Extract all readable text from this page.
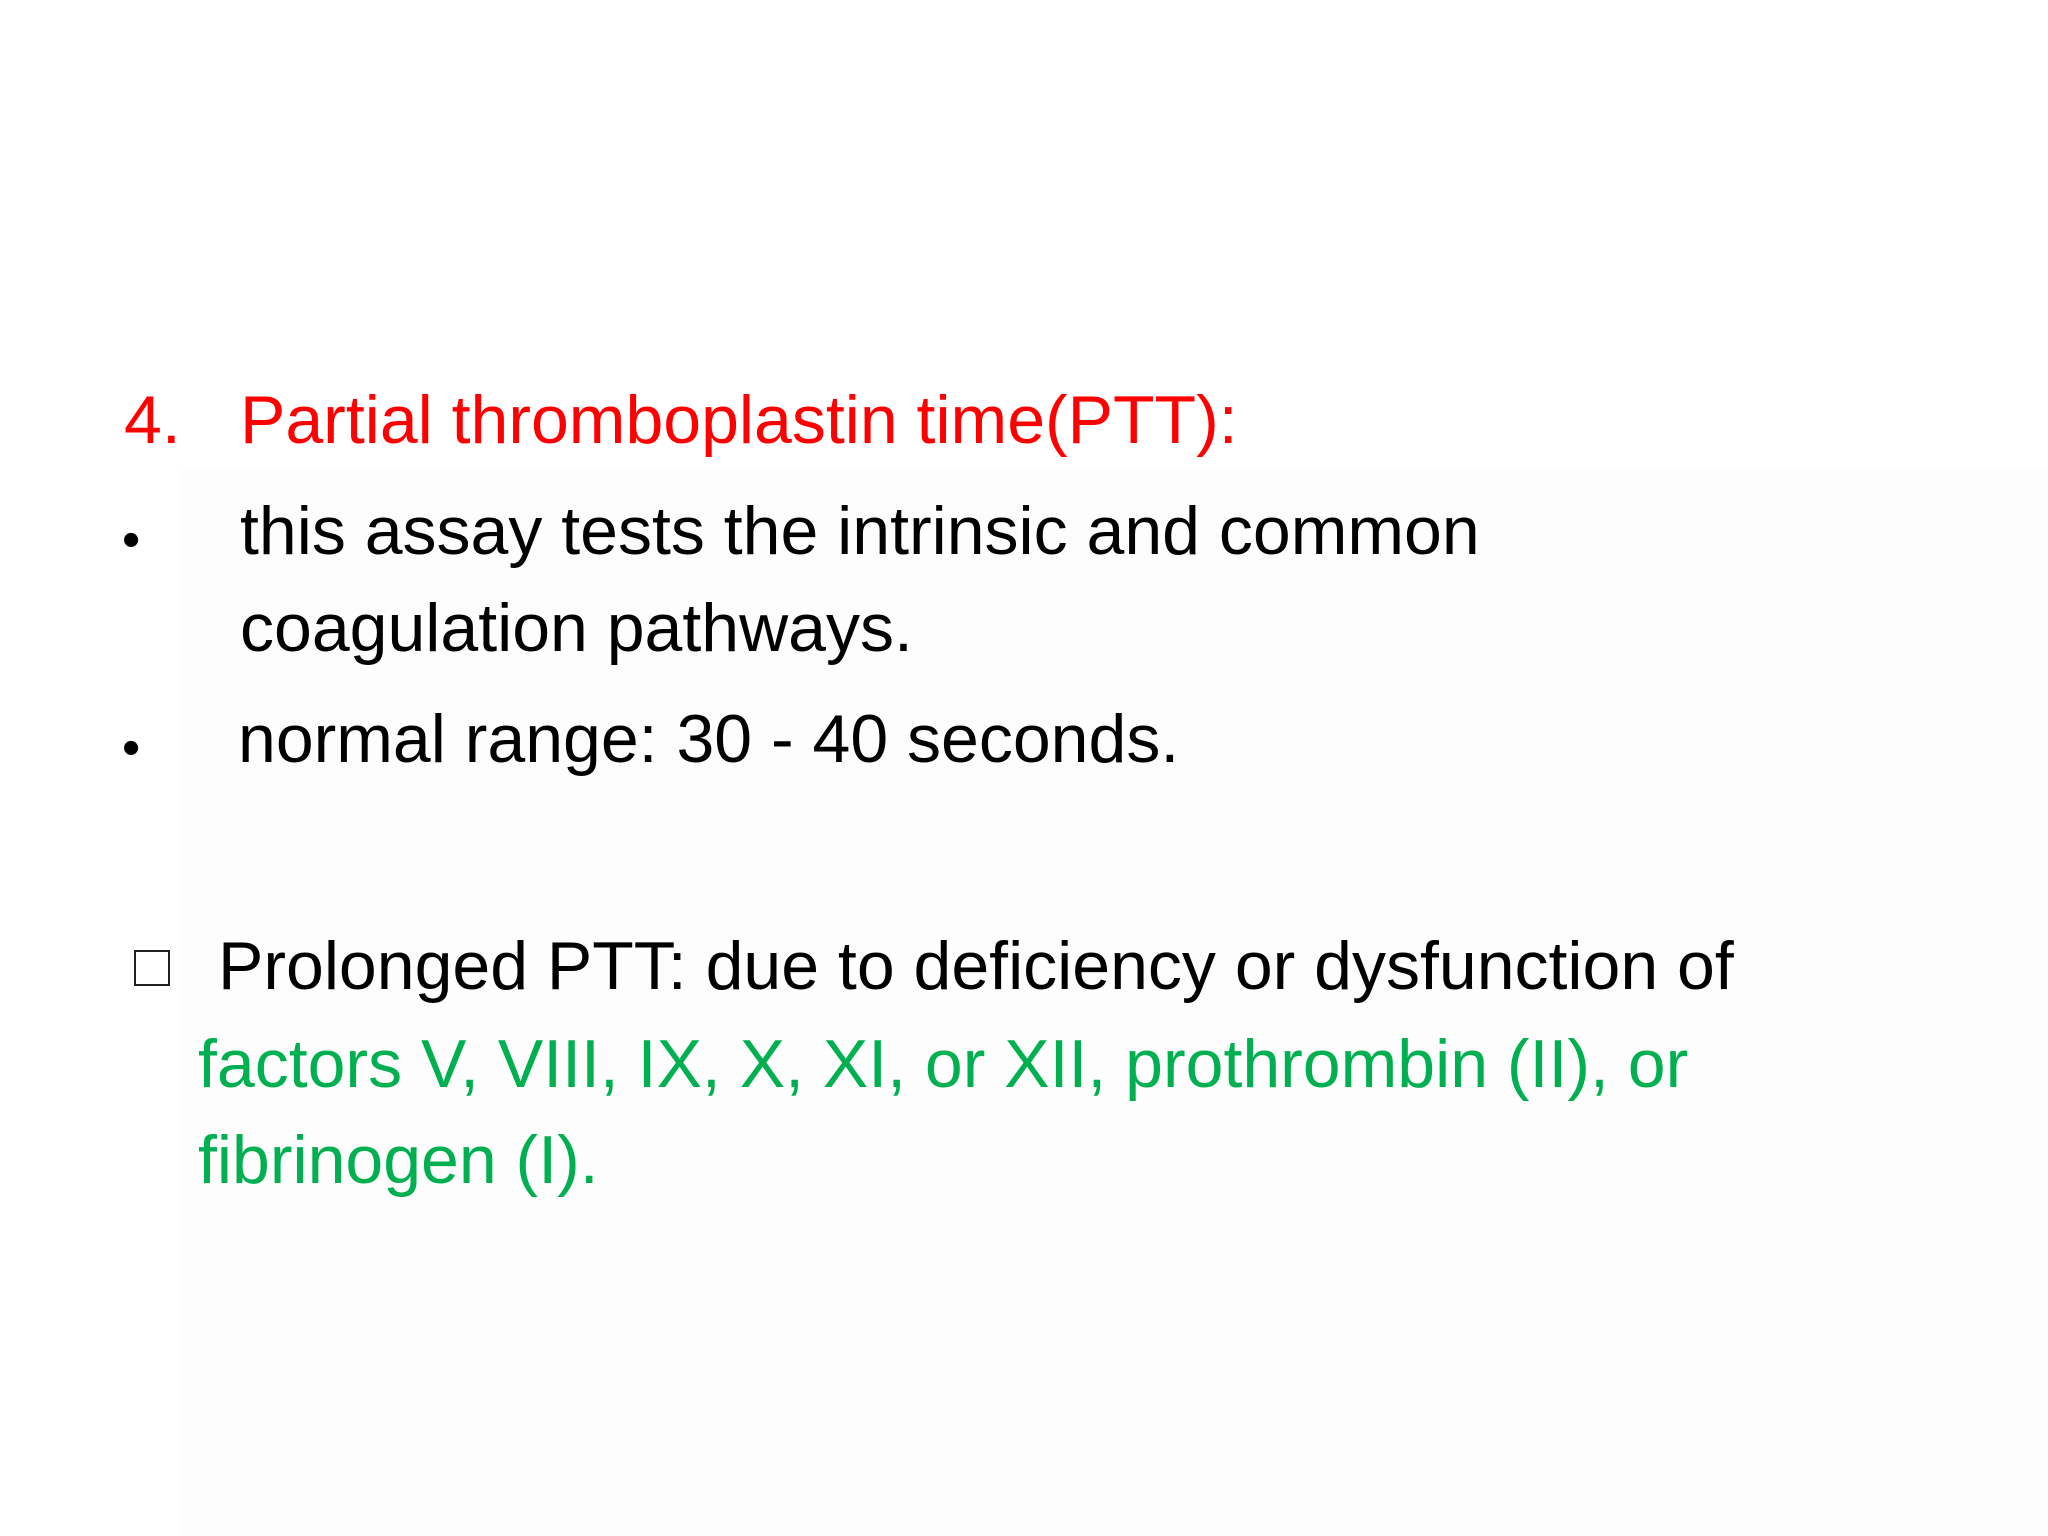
4. Partial thromboplastin time(PTT):
• this assay tests the intrinsic and common
coagulation pathways.
• normal range: 30 - 40 seconds.
Prolonged PTT: due to deficiency or dysfunction of
factors V, VIII, IX, X, XI, or XII, prothrombin (II), or
fibrinogen (I).
